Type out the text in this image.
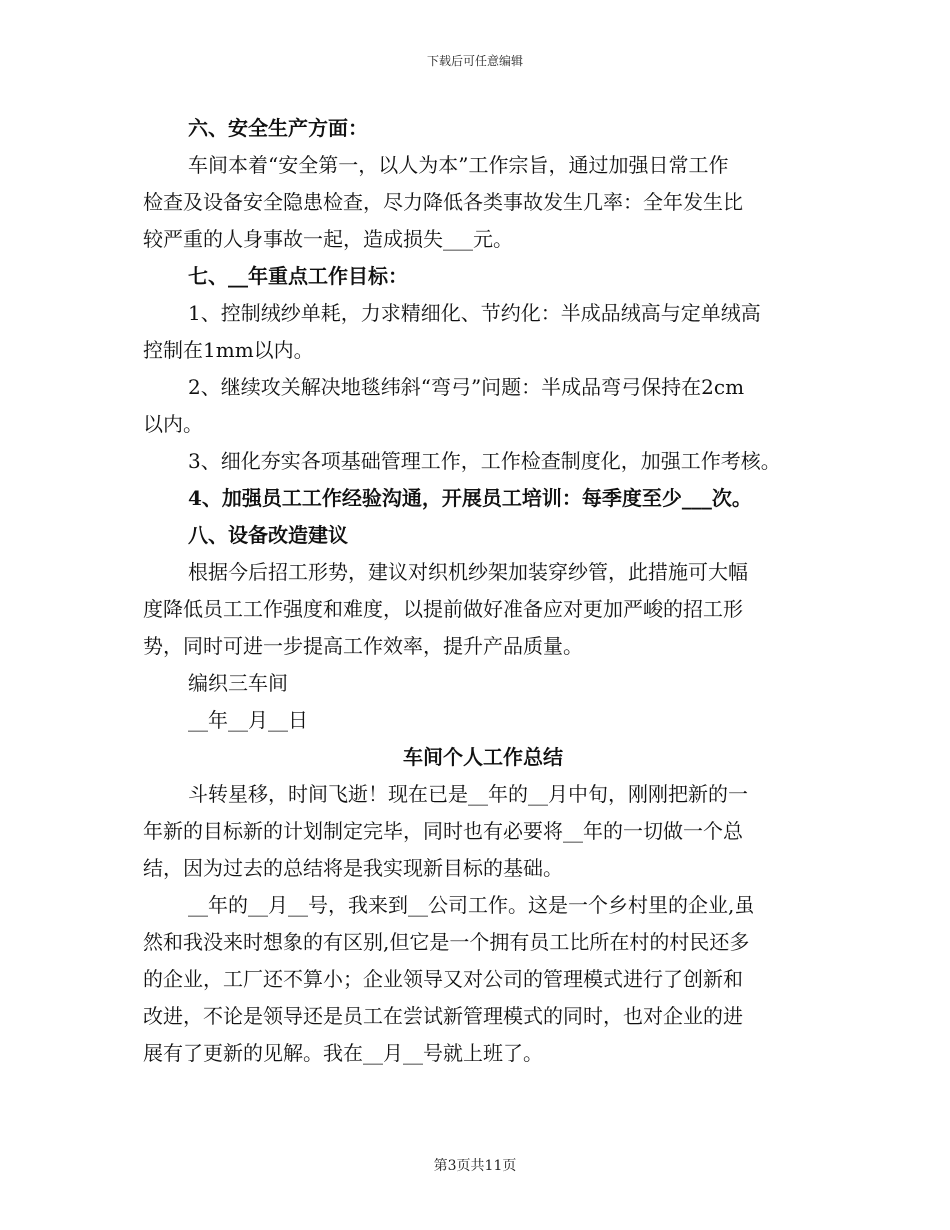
下载后可任意编辑
六、安全生产方面：
车间本着“安全第一，以人为本”工作宗旨，通过加强日常工作
检查及设备安全隐患检查，尽力降低各类事故发生几率：全年发生比
较严重的人身事故一起，造成损失___元。
七、__年重点工作目标：
1、控制绒纱单耗，力求精细化、节约化：半成品绒高与定单绒高
控制在1mm以内。
2、继续攻关解决地毯纬斜“弯弓”问题：半成品弯弓保持在2cm
以内。
3、细化夯实各项基础管理工作，工作检查制度化，加强工作考核。
4、加强员工工作经验沟通，开展员工培训：每季度至少___次。
八、设备改造建议
根据今后招工形势，建议对织机纱架加装穿纱管，此措施可大幅
度降低员工工作强度和难度，以提前做好准备应对更加严峻的招工形
势，同时可进一步提高工作效率，提升产品质量。
编织三车间
__年__月__日
车间个人工作总结
斗转星移，时间飞逝！现在已是__年的__月中旬，刚刚把新的一
年新的目标新的计划制定完毕，同时也有必要将__年的一切做一个总
结，因为过去的总结将是我实现新目标的基础。
__年的__月__号，我来到__公司工作。这是一个乡村里的企业,虽
然和我没来时想象的有区别,但它是一个拥有员工比所在村的村民还多
的企业，工厂还不算小；企业领导又对公司的管理模式进行了创新和
改进，不论是领导还是员工在尝试新管理模式的同时，也对企业的进
展有了更新的见解。我在__月__号就上班了。
第3页共11页
